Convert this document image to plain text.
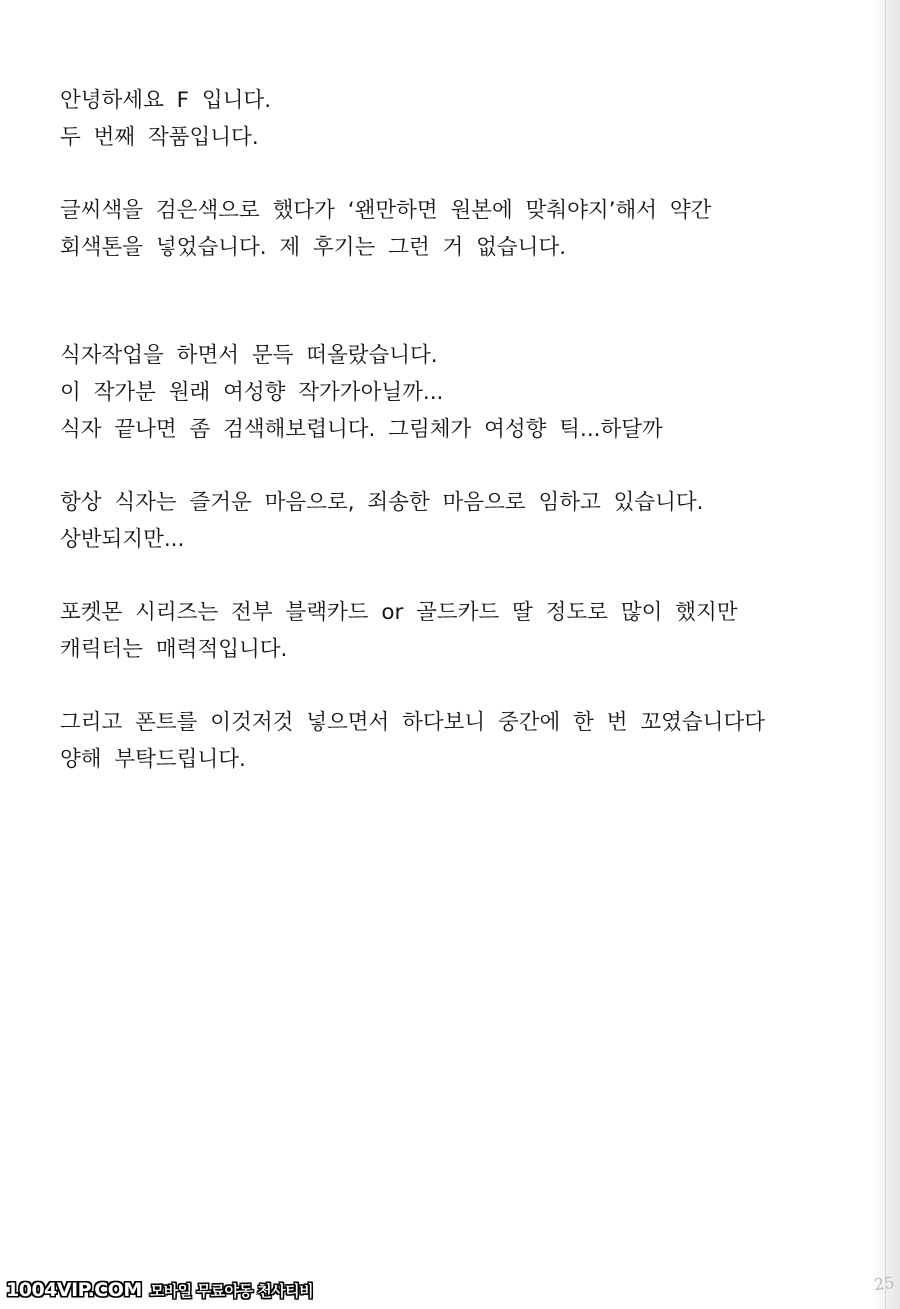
안녕하세요 F 입니다.
두 번째 작품입니다.
글씨색을 검은색으로 했다가 ‘왠만하면 원본에 맞춰야지’해서 약간
회색톤을 넣었습니다. 제 후기는 그런 거 없습니다.
식자작업을 하면서 문득 떠올랐습니다.
이 작가분 원래 여성향 작가가아닐까...
식자 끝나면 좀 검색해보렵니다. 그림체가 여성향 틱...하달까
항상 식자는 즐거운 마음으로, 죄송한 마음으로 임하고 있습니다.
상반되지만...
포켓몬 시리즈는 전부 블랙카드 or 골드카드 딸 정도로 많이 했지만
캐릭터는 매력적입니다.
그리고 폰트를 이것저것 넣으면서 하다보니 중간에 한 번 꼬였습니다다
양해 부탁드립니다.
1004VIP.COM 모바일 무료야동 천사티비	25
